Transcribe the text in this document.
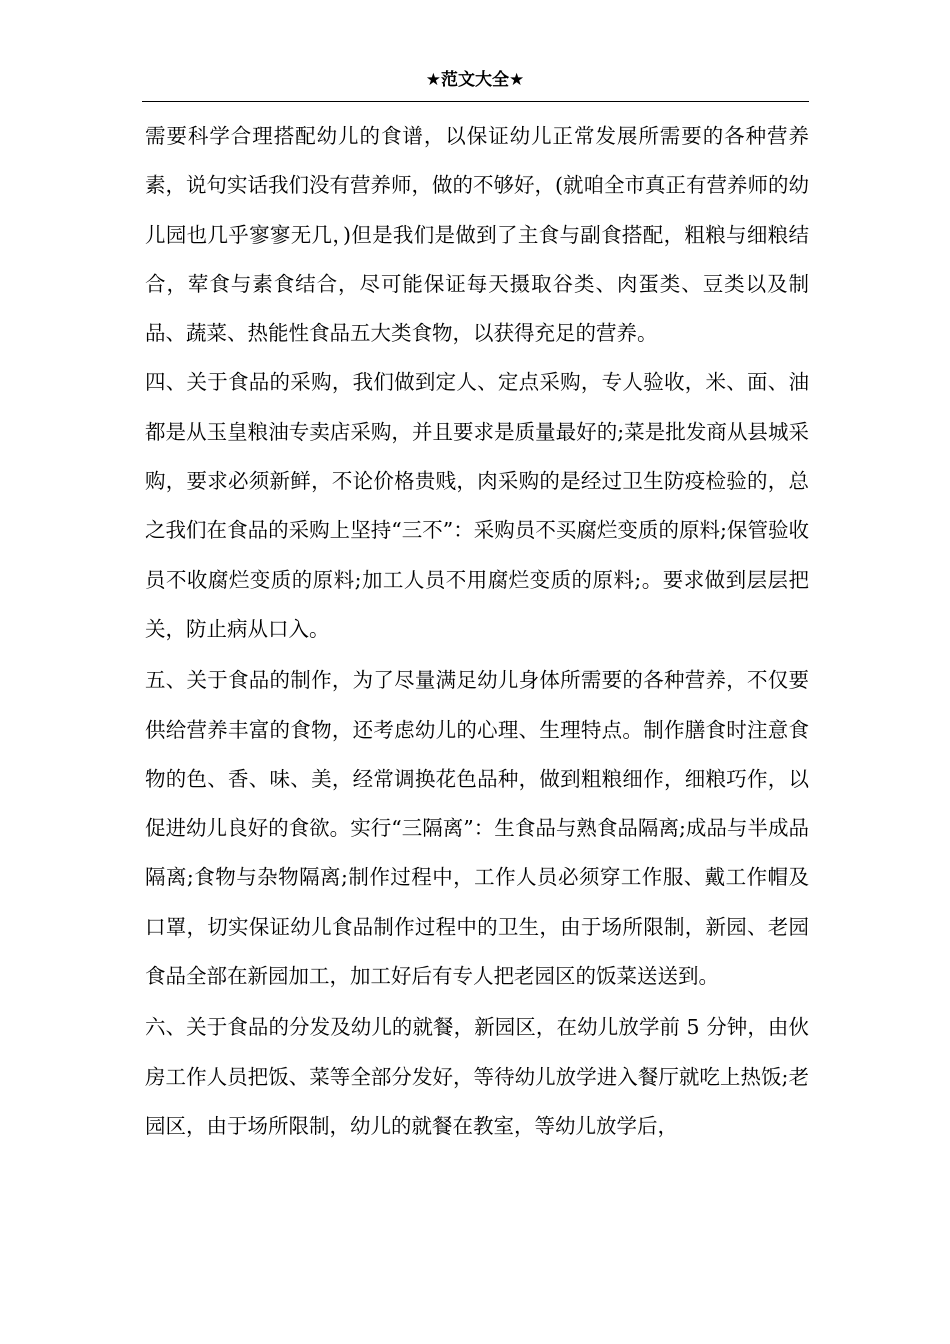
★范文大全★

需要科学合理搭配幼儿的食谱，以保证幼儿正常发展所需要的各种营养素，说句实话我们没有营养师，做的不够好，(就咱全市真正有营养师的幼儿园也几乎寥寥无几，)但是我们是做到了主食与副食搭配，粗粮与细粮结合，荤食与素食结合，尽可能保证每天摄取谷类、肉蛋类、豆类以及制品、蔬菜、热能性食品五大类食物，以获得充足的营养。

四、关于食品的采购，我们做到定人、定点采购，专人验收，米、面、油都是从玉皇粮油专卖店采购，并且要求是质量最好的;菜是批发商从县城采购，要求必须新鲜，不论价格贵贱，肉采购的是经过卫生防疫检验的，总之我们在食品的采购上坚持“三不”：采购员不买腐烂变质的原料;保管验收员不收腐烂变质的原料;加工人员不用腐烂变质的原料;。要求做到层层把关，防止病从口入。

五、关于食品的制作，为了尽量满足幼儿身体所需要的各种营养，不仅要供给营养丰富的食物，还考虑幼儿的心理、生理特点。制作膳食时注意食物的色、香、味、美，经常调换花色品种，做到粗粮细作，细粮巧作，以促进幼儿良好的食欲。实行“三隔离”：生食品与熟食品隔离;成品与半成品隔离;食物与杂物隔离;制作过程中，工作人员必须穿工作服、戴工作帽及口罩，切实保证幼儿食品制作过程中的卫生，由于场所限制，新园、老园食品全部在新园加工，加工好后有专人把老园区的饭菜送送到。

六、关于食品的分发及幼儿的就餐，新园区，在幼儿放学前 5 分钟，由伙房工作人员把饭、菜等全部分发好，等待幼儿放学进入餐厅就吃上热饭;老园区，由于场所限制，幼儿的就餐在教室，等幼儿放学后，
